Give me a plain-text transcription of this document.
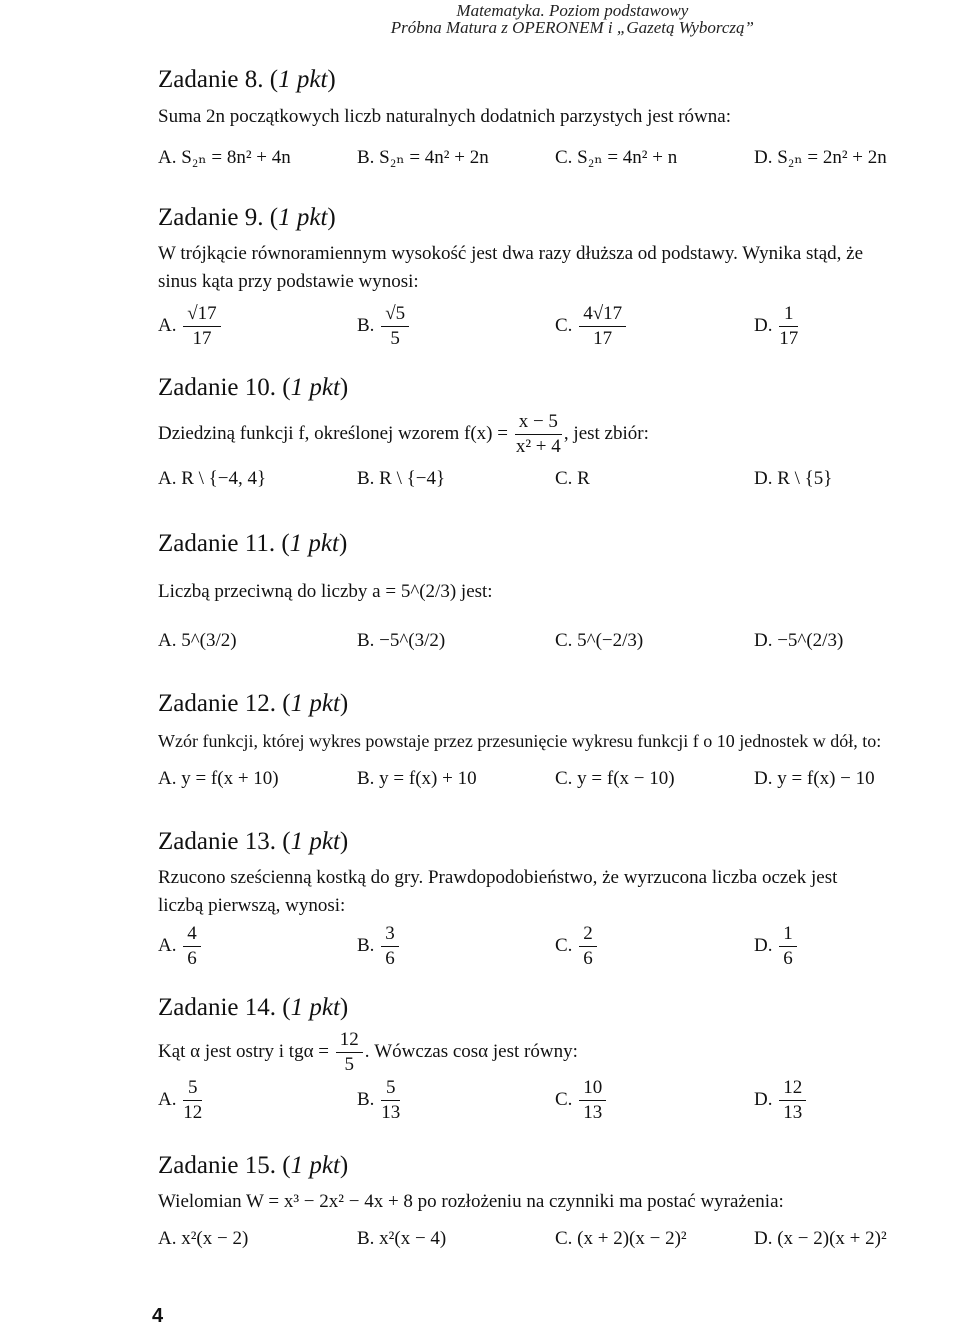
Matematyka. Poziom podstawowy
Próbna Matura z OPERONEM i „Gazetą Wyborczą”
Zadanie 8. (1 pkt)
Suma 2n początkowych liczb naturalnych dodatnich parzystych jest równa:
A. S₂ₙ = 8n² + 4n	B. S₂ₙ = 4n² + 2n	C. S₂ₙ = 4n² + n	D. S₂ₙ = 2n² + 2n
Zadanie 9. (1 pkt)
W trójkącie równoramiennym wysokość jest dwa razy dłuższa od podstawy. Wynika stąd, że
sinus kąta przy podstawie wynosi:
A. $\frac{√17}{17}$	B. $\frac{√5}{5}$	C. $\frac{4√17}{17}$	D. $\frac{1}{17}$
Zadanie 10. (1 pkt)
Dziedziną funkcji f, określonej wzorem $f(x) = \frac{x - 5}{\text{x² + 4}}$ , jest zbiór:
A. R \ {−4, 4}	B. R \ {−4}	C. R	D. R \ {5}
Zadanie 11. (1 pkt)
Liczbą przeciwną do liczby a = 5^(2/3) jest:
A. 5^(3/2)	B. −5^(3/2)	C. 5^(−2/3)	D. −5^(2/3)
Zadanie 12. (1 pkt)
Wzór funkcji, której wykres powstaje przez przesunięcie wykresu funkcji f o 10 jednostek w dół, to:
A. y = f(x + 10)	B. y = f(x) + 10	C. y = f(x − 10)	D. y = f(x) − 10
Zadanie 13. (1 pkt)
Rzucono sześcienną kostką do gry. Prawdopodobieństwo, że wyrzucona liczba oczek jest
liczbą pierwszą, wynosi:
A. $\frac{4}{6}$	B. $\frac{3}{6}$	C. $\frac{2}{6}$	D. $\frac{1}{6}$
Zadanie 14. (1 pkt)
Kąt α jest ostry i $tg\alpha = \frac{12}{5}$ . Wówczas cosα jest równy:
A. $\frac{5}{12}$	B. $\frac{5}{13}$	C. $\frac{10}{13}$	D. $\frac{12}{13}$
Zadanie 15. (1 pkt)
Wielomian W = x³ − 2x² − 4x + 8 po rozłożeniu na czynniki ma postać wyrażenia:
A. x²(x − 2)	B. x²(x − 4)	C. (x + 2)(x − 2)²	D. (x − 2)(x + 2)²
4
